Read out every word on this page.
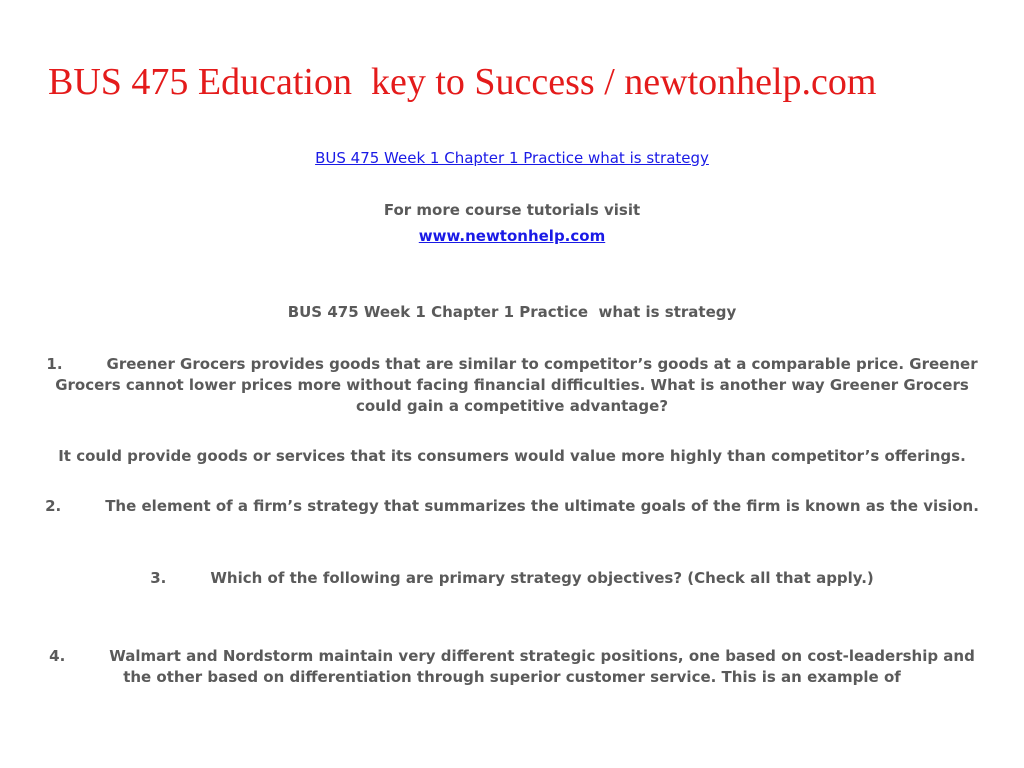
BUS 475 Education  key to Success / newtonhelp.com
BUS 475 Week 1 Chapter 1 Practice what is strategy
For more course tutorials visit
www.newtonhelp.com
BUS 475 Week 1 Chapter 1 Practice  what is strategy

1.	Greener Grocers provides goods that are similar to competitor’s goods at a comparable price. Greener Grocers cannot lower prices more without facing financial difficulties. What is another way Greener Grocers could gain a competitive advantage?

It could provide goods or services that its consumers would value more highly than competitor’s offerings.

2.	The element of a firm’s strategy that summarizes the ultimate goals of the firm is known as the vision.

3.	Which of the following are primary strategy objectives? (Check all that apply.)

4.	Walmart and Nordstorm maintain very different strategic positions, one based on cost-leadership and the other based on differentiation through superior customer service. This is an example of
